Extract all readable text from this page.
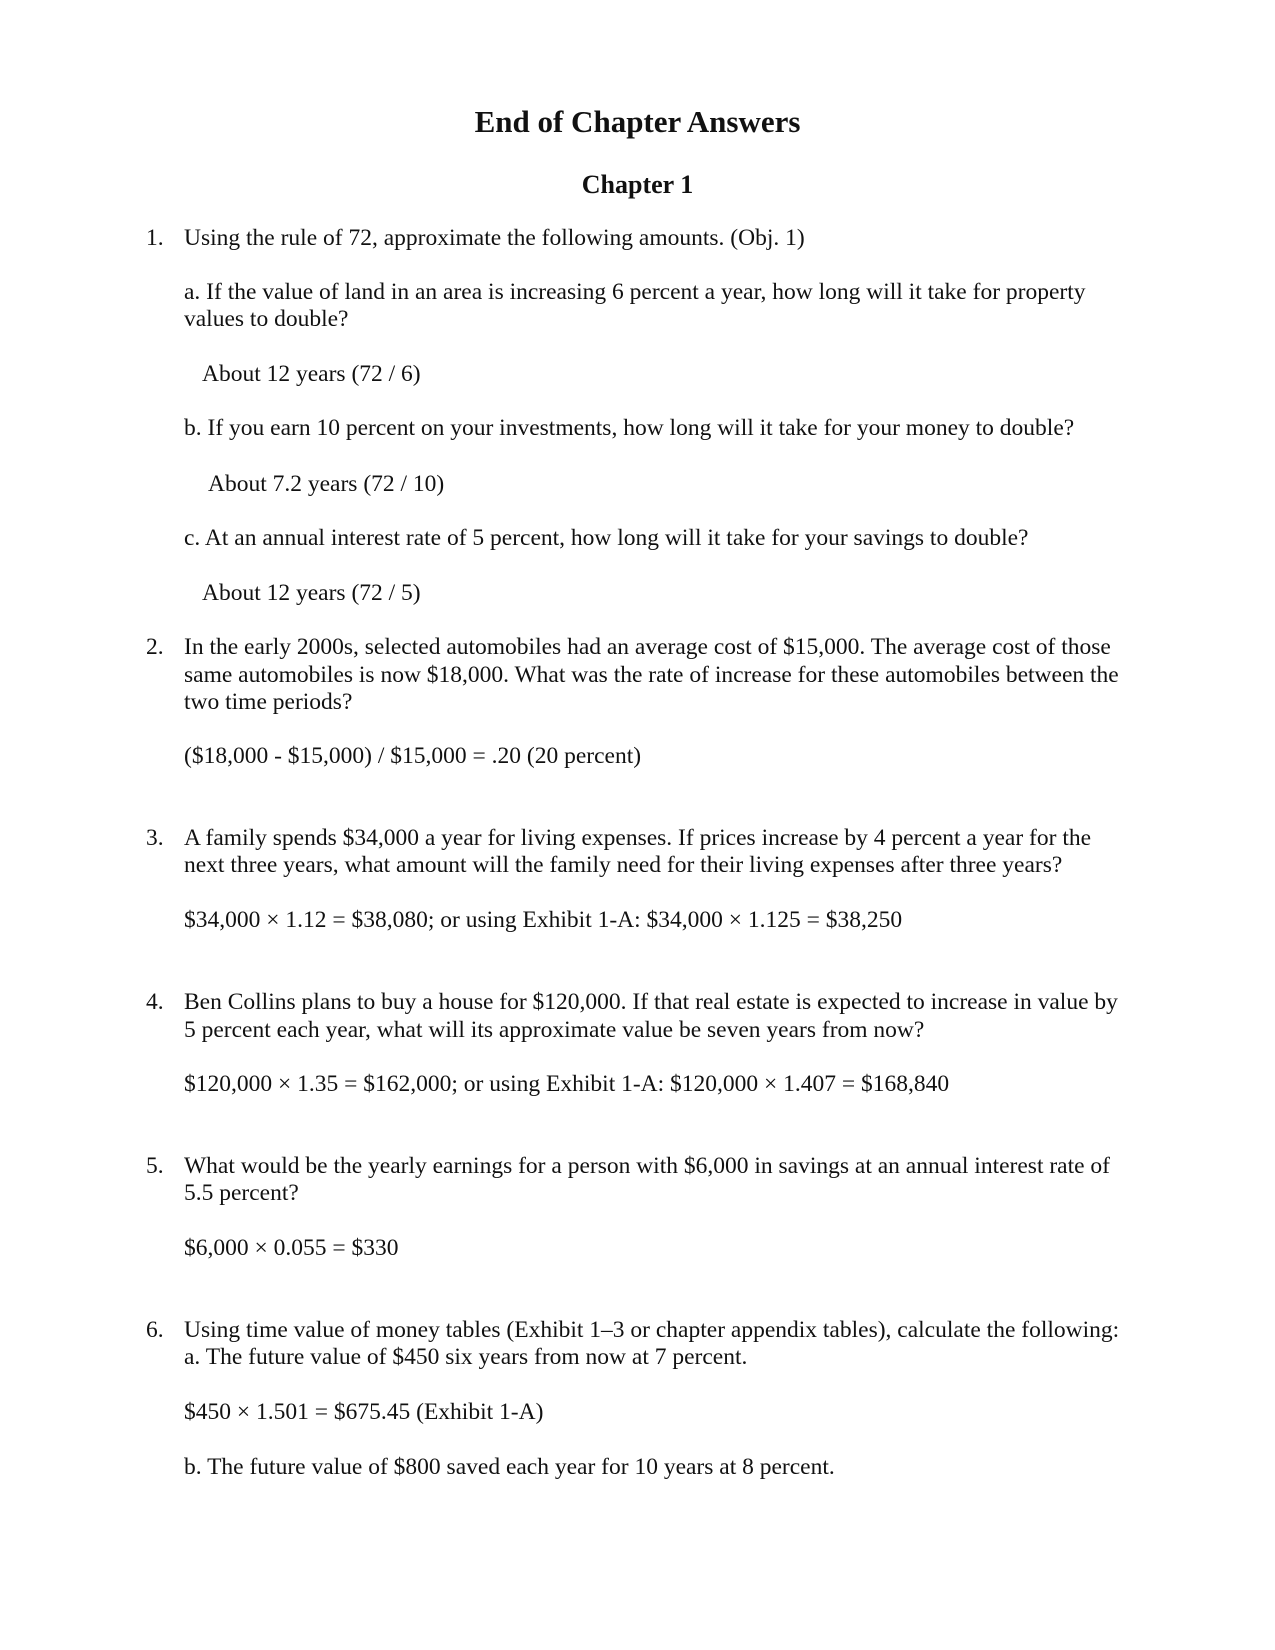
End of Chapter Answers
Chapter 1

1. Using the rule of 72, approximate the following amounts. (Obj. 1)

a. If the value of land in an area is increasing 6 percent a year, how long will it take for property

values to double?

About 12 years (72 / 6)

b. If you earn 10 percent on your investments, how long will it take for your money to double?

About 7.2 years (72 / 10)

c. At an annual interest rate of 5 percent, how long will it take for your savings to double?

About 12 years (72 / 5)

2. In the early 2000s, selected automobiles had an average cost of $15,000. The average cost of those

same automobiles is now $18,000. What was the rate of increase for these automobiles between the

two time periods?

($18,000 - $15,000) / $15,000 = .20 (20 percent)

3. A family spends $34,000 a year for living expenses. If prices increase by 4 percent a year for the

next three years, what amount will the family need for their living expenses after three years?

$34,000 × 1.12 = $38,080; or using Exhibit 1-A: $34,000 × 1.125 = $38,250

4. Ben Collins plans to buy a house for $120,000. If that real estate is expected to increase in value by

5 percent each year, what will its approximate value be seven years from now?

$120,000 × 1.35 = $162,000; or using Exhibit 1-A: $120,000 × 1.407 = $168,840

5. What would be the yearly earnings for a person with $6,000 in savings at an annual interest rate of

5.5 percent?

$6,000 × 0.055 = $330

6. Using time value of money tables (Exhibit 1–3 or chapter appendix tables), calculate the following:

a. The future value of $450 six years from now at 7 percent.

$450 × 1.501 = $675.45 (Exhibit 1-A)

b. The future value of $800 saved each year for 10 years at 8 percent.
